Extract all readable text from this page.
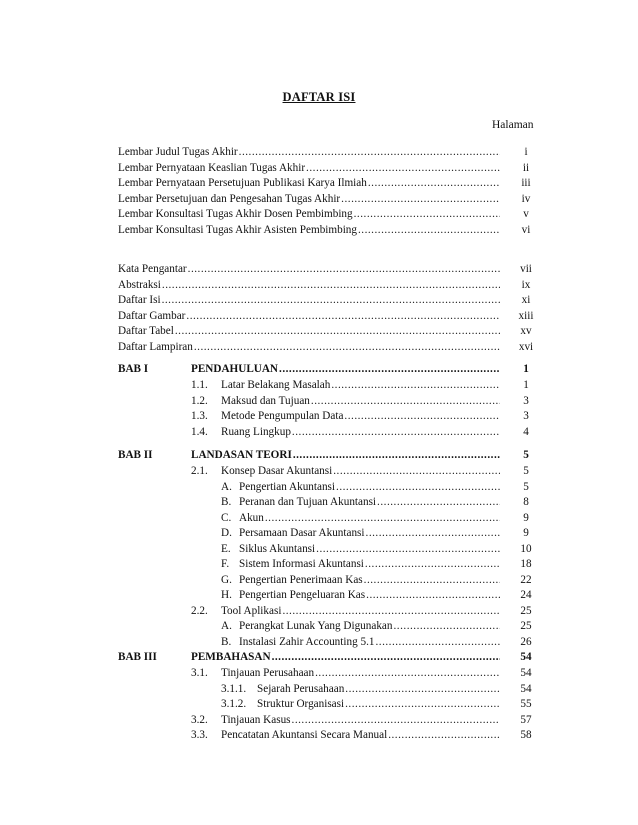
DAFTAR ISI
Halaman
Lembar Judul Tugas Akhir .....	i
Lembar Pernyataan Keaslian Tugas Akhir .....	ii
Lembar Pernyataan Persetujuan Publikasi Karya Ilmiah .....	iii
Lembar Persetujuan dan Pengesahan Tugas Akhir .....	iv
Lembar Konsultasi Tugas Akhir Dosen Pembimbing .....	v
Lembar Konsultasi Tugas Akhir Asisten Pembimbing .....	vi
Kata Pengantar .....	vii
Abstraksi .....	ix
Daftar Isi .....	xi
Daftar Gambar .....	xiii
Daftar Tabel .....	xv
Daftar Lampiran .....	xvi
BAB I	PENDAHULUAN .....	1
1.1.	Latar Belakang Masalah .....	1
1.2.	Maksud dan Tujuan .....	3
1.3.	Metode Pengumpulan Data .....	3
1.4.	Ruang Lingkup .....	4
BAB II	LANDASAN TEORI .....	5
2.1.	Konsep Dasar Akuntansi .....	5
A. Pengertian Akuntansi .....	5
B. Peranan dan Tujuan Akuntansi .....	8
C. Akun .....	9
D. Persamaan Dasar Akuntansi .....	9
E. Siklus Akuntansi .....	10
F. Sistem Informasi Akuntansi .....	18
G. Pengertian Penerimaan Kas .....	22
H. Pengertian Pengeluaran Kas .....	24
2.2.	Tool Aplikasi .....	25
A. Perangkat Lunak Yang Digunakan .....	25
B. Instalasi Zahir Accounting 5.1 .....	26
BAB III	PEMBAHASAN .....	54
3.1.	Tinjauan Perusahaan .....	54
3.1.1. Sejarah Perusahaan .....	54
3.1.2. Struktur Organisasi .....	55
3.2.	Tinjauan Kasus .....	57
3.3.	Pencatatan Akuntansi Secara Manual .....	58
